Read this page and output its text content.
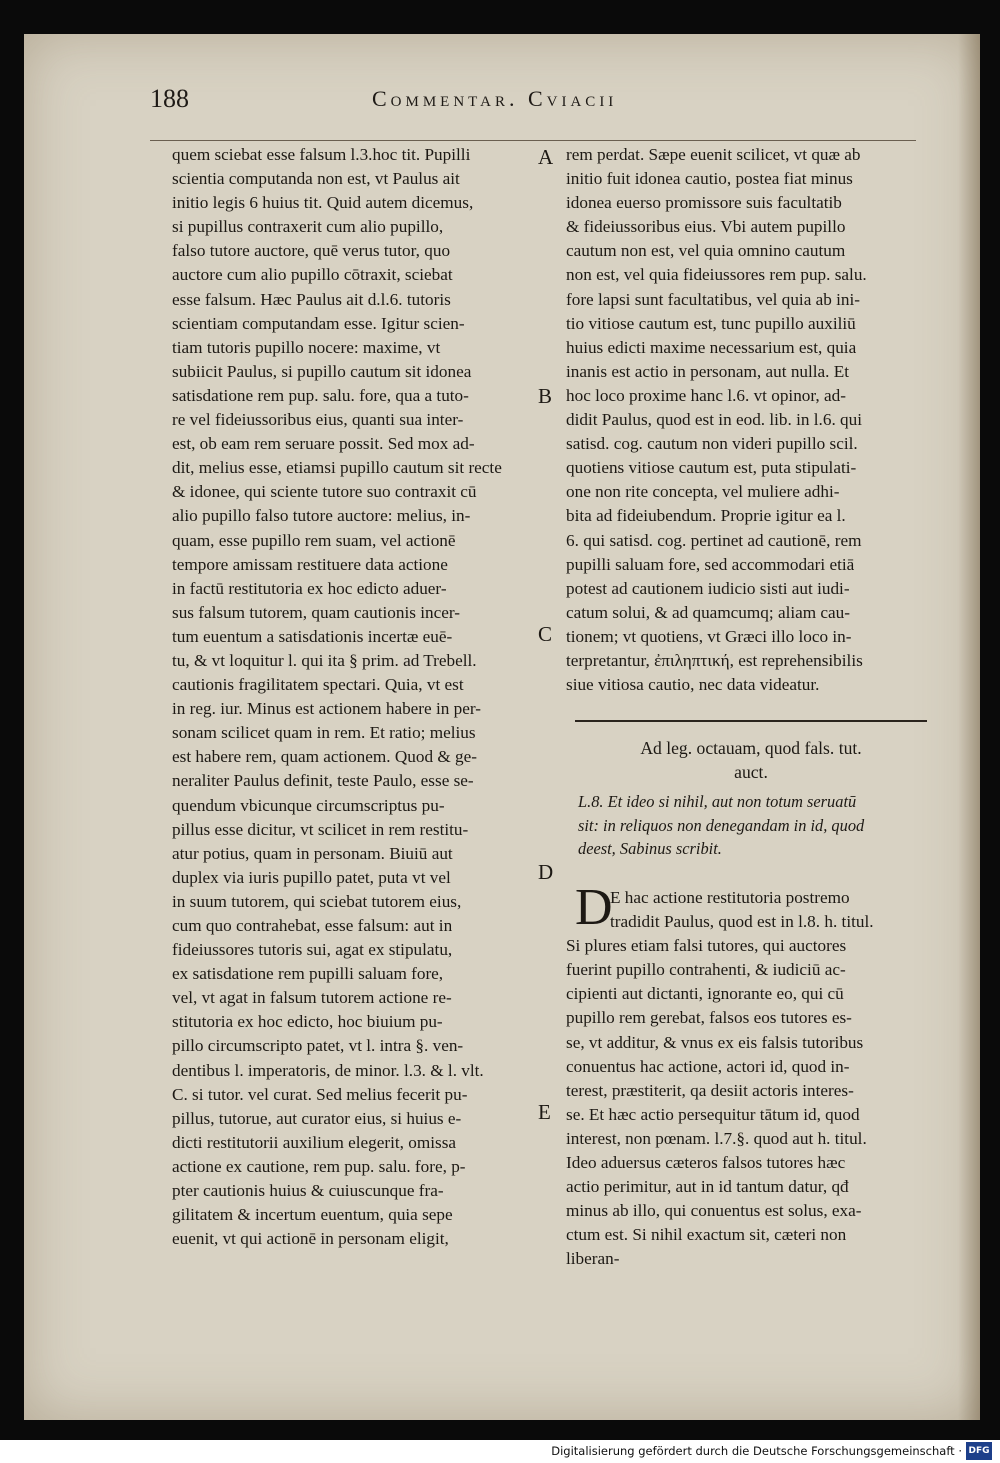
188	Commentar. Cviacii
quem sciebat esse falsum l.3.hoc tit. Pupilli
scientia computanda non est, vt Paulus ait
initio legis 6 huius tit. Quid autem dicemus,
si pupillus contraxerit cum alio pupillo,
falso tutore auctore, quē verus tutor, quo
auctore cum alio pupillo cōtraxit, sciebat
esse falsum. Hæc Paulus ait d.l.6. tutoris
scientiam computandam esse. Igitur scien-
tiam tutoris pupillo nocere: maxime, vt
subiicit Paulus, si pupillo cautum sit idonea
satisdatione rem pup. salu. fore, qua a tuto-
re vel fideiussoribus eius, quanti sua inter-
est, ob eam rem seruare possit. Sed mox ad-
dit, melius esse, etiamsi pupillo cautum sit recte
& idonee, qui sciente tutore suo contraxit cū
alio pupillo falso tutore auctore: melius, in-
quam, esse pupillo rem suam, vel actionē
tempore amissam restituere data actione
in factū restitutoria ex hoc edicto aduer-
sus falsum tutorem, quam cautionis incer-
tum euentum a satisdationis incertæ euē-
tu, & vt loquitur l. qui ita § prim. ad Trebell.
cautionis fragilitatem spectari. Quia, vt est
in reg. iur. Minus est actionem habere in per-
sonam scilicet quam in rem. Et ratio; melius
est habere rem, quam actionem. Quod & ge-
neraliter Paulus definit, teste Paulo, esse se-
quendum vbicunque circumscriptus pu-
pillus esse dicitur, vt scilicet in rem restitu-
atur potius, quam in personam. Biuiū aut
duplex via iuris pupillo patet, puta vt vel
in suum tutorem, qui sciebat tutorem eius,
cum quo contrahebat, esse falsum: aut in
fideiussores tutoris sui, agat ex stipulatu,
ex satisdatione rem pupilli saluam fore,
vel, vt agat in falsum tutorem actione re-
stitutoria ex hoc edicto, hoc biuium pu-
pillo circumscripto patet, vt l. intra §. ven-
dentibus l. imperatoris, de minor. l.3. & l. vlt.
C. si tutor. vel curat. Sed melius fecerit pu-
pillus, tutorue, aut curator eius, si huius e-
dicti restitutorii auxilium elegerit, omissa
actione ex cautione, rem pup. salu. fore, p-
pter cautionis huius & cuiuscunque fra-
gilitatem & incertum euentum, quia sepe
euenit, vt qui actionē in personam eligit,
A
B
C
D
E
rem perdat. Sæpe euenit scilicet, vt quæ ab
initio fuit idonea cautio, postea fiat minus
idonea euerso promissore suis facultatib᷒
& fideiussoribus eius. Vbi autem pupillo
cautum non est, vel quia omnino cautum
non est, vel quia fideiussores rem pup. salu.
fore lapsi sunt facultatibus, vel quia ab ini-
tio vitiose cautum est, tunc pupillo auxiliū
huius edicti maxime necessarium est, quia
inanis est actio in personam, aut nulla. Et
hoc loco proxime hanc l.6. vt opinor, ad-
didit Paulus, quod est in eod. lib. in l.6. qui
satisd. cog. cautum non videri pupillo scil.
quotiens vitiose cautum est, puta stipulati-
one non rite concepta, vel muliere adhi-
bita ad fideiubendum. Proprie igitur ea l.
6. qui satisd. cog. pertinet ad cautionē, rem
pupilli saluam fore, sed accommodari etiā
potest ad cautionem iudicio sisti aut iudi-
catum solui, & ad quamcumq; aliam cau-
tionem; vt quotiens, vt Græci illo loco in-
terpretantur, ἐπιληπτική, est reprehensibilis
siue vitiosa cautio, nec data videatur.
Ad leg. octauam, quod fals. tut.
auct.
L.8. Et ideo si nihil, aut non totum seruatū
sit: in reliquos non denegandam in id, quod
deest, Sabinus scribit.
D
E hac actione restitutoria postremo
tradidit Paulus, quod est in l.8. h. titul.
Si plures etiam falsi tutores, qui auctores
fuerint pupillo contrahenti, & iudiciū ac-
cipienti aut dictanti, ignorante eo, qui cū
pupillo rem gerebat, falsos eos tutores es-
se, vt additur, & vnus ex eis falsis tutoribus
conuentus hac actione, actori id, quod in-
terest, præstiterit, qa desiit actoris interes-
se. Et hæc actio persequitur tātum id, quod
interest, non pœnam. l.7.§. quod aut h. titul.
Ideo aduersus cæteros falsos tutores hæc
actio perimitur, aut in id tantum datur, qđ
minus ab illo, qui conuentus est solus, exa-
ctum est. Si nihil exactum sit, cæteri non
liberan-
Digitalisierung gefördert durch die Deutsche Forschungsgemeinschaft · DFG
